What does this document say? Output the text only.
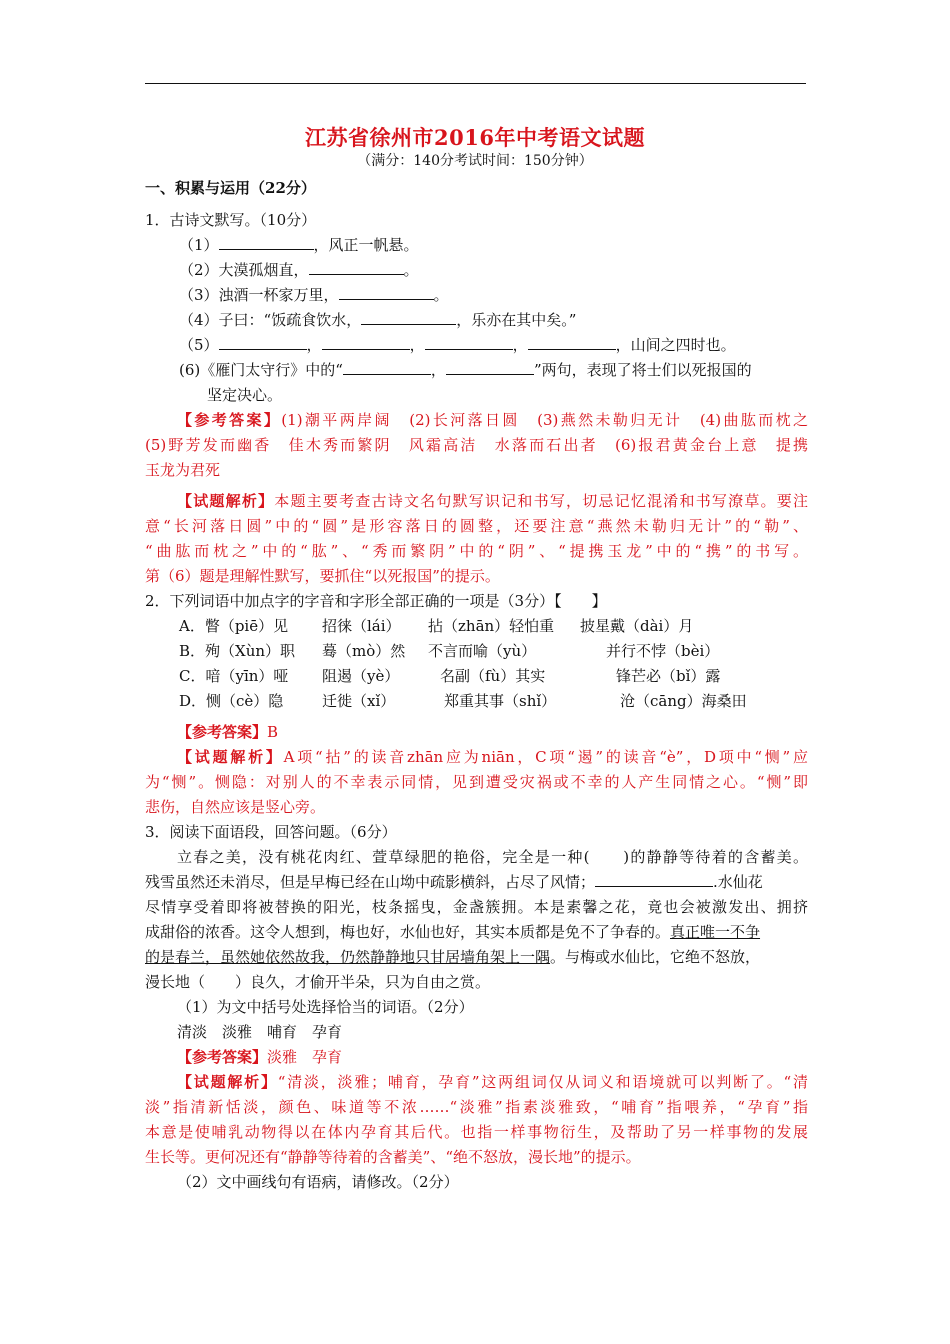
江苏省徐州市2016年中考语文试题
（满分：140分考试时间：150分钟）
一、积累与运用（22分）
1．古诗文默写。（10分）
（1）	，风正一帆悬。
（2）大漠孤烟直，	。
（3）浊酒一杯家万里，	。
（4）子曰：“饭疏食饮水，	，乐亦在其中矣。”
（5）	，	，	，	，山间之四时也。
(6)《雁门太守行》中的“	，	”两句，表现了将士们以死报国的
坚定决心。
【参考答案】(1)潮平两岸阔　(2)长河落日圆　(3)燕然未勒归无计　(4)曲肱而枕之
(5)野芳发而幽香　佳木秀而繁阴　风霜高洁　水落而石出者　(6)报君黄金台上意　提携
玉龙为君死
【试题解析】本题主要考查古诗文名句默写识记和书写，切忌记忆混淆和书写潦草。要注
意“长河落日圆”中的“圆”是形容落日的圆整，还要注意“燕然未勒归无计”的“勒”、
“曲肱而枕之”中的“肱”、“秀而繁阴”中的“阴”、“提携玉龙”中的“携”的书写。
第（6）题是理解性默写，要抓住“以死报国”的提示。
2．下列词语中加点字的字音和字形全部正确的一项是（3分）【　　】
A．瞥（piē）见 招徕（lái） 拈（zhān）轻怕重 披星戴（dài）月
B．殉（Xùn）职 蓦（mò）然 不言而喻（yù）	并行不悖（bèi）
C．喑（yīn）哑 阻遏（yè）	名副（fù）其实	锋芒必（bǐ）露
D．恻（cè）隐	迁徙（xǐ）	郑重其事（shǐ）	沧（cāng）海桑田
【参考答案】B
【试题解析】A项“拈”的读音zhān应为niān，C项“遏”的读音“è”，D项中“恻”应
为“恻”。恻隐：对别人的不幸表示同情，见到遭受灾祸或不幸的人产生同情之心。“恻”即
悲伤，自然应该是竖心旁。
3．阅读下面语段，回答问题。（6分）
立春之美，没有桃花肉红、萱草绿肥的艳俗，完全是一种(　　)的静静等待着的含蓄美。
残雪虽然还未消尽，但是早梅已经在山坳中疏影横斜，占尽了风情；	.水仙花
尽情享受着即将被替换的阳光，枝条摇曳，金盏簇拥。本是素馨之花，竟也会被激发出、拥挤
成甜俗的浓香。这令人想到，梅也好，水仙也好，其实本质都是免不了争春的。真正唯一不争
的是春兰，虽然她依然故我，仍然静静地只甘居墙角架上一隅。与梅或水仙比，它绝不怒放，
漫长地（　　）良久，才偷开半朵，只为自由之赏。
（1）为文中括号处选择恰当的词语。（2分）
清淡　淡雅　哺育　孕育
【参考答案】淡雅　孕育
【试题解析】“清淡，淡雅；哺育，孕育”这两组词仅从词义和语境就可以判断了。“清
淡”指清新恬淡，颜色、味道等不浓……“淡雅”指素淡雅致，“哺育”指喂养，“孕育”指
本意是使哺乳动物得以在体内孕育其后代。也指一样事物衍生，及帮助了另一样事物的发展
生长等。更何况还有“静静等待着的含蓄美”、“绝不怒放，漫长地”的提示。
（2）文中画线句有语病，请修改。（2分）
